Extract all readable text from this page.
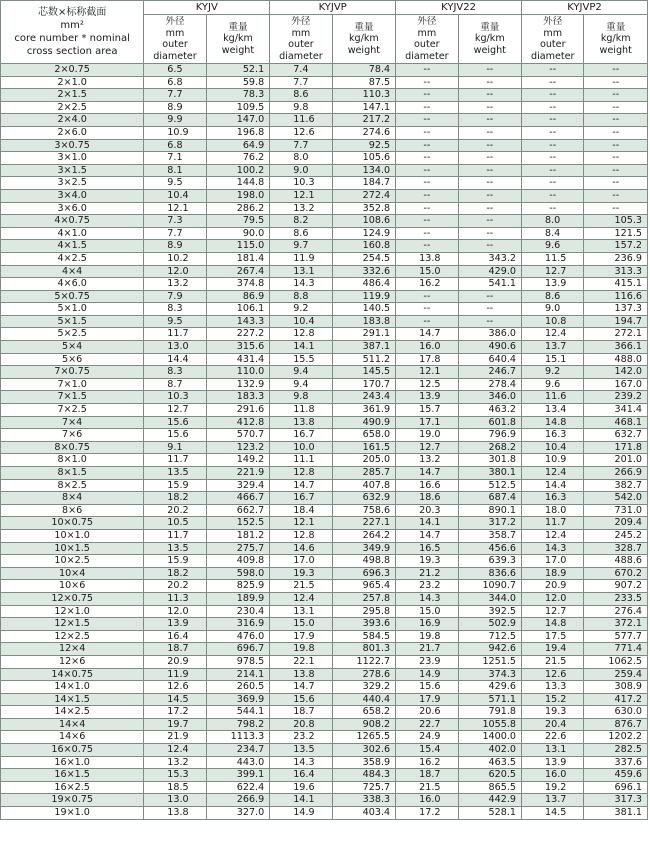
芯数×标称截面
mm²
core number * nominal
cross section area	KYJV		KYJVP		KYJV22		KYJVP2	
	外径
mm
outer
diameter	重量
kg/km
weight	外径
mm
outer
diameter	重量
kg/km
weight	外径
mm
outer
diameter	重量
kg/km
weight	外径
mm
outer
diameter	重量
kg/km
weight
2×0.75	6.5	52.1	7.4	78.4	--	--	--	--
2×1.0	6.8	59.8	7.7	87.5	--	--	--	--
2×1.5	7.7	78.3	8.6	110.3	--	--	--	--
2×2.5	8.9	109.5	9.8	147.1	--	--	--	--
2×4.0	9.9	147.0	11.6	217.2	--	--	--	--
2×6.0	10.9	196.8	12.6	274.6	--	--	--	--
3×0.75	6.8	64.9	7.7	92.5	--	--	--	--
3×1.0	7.1	76.2	8.0	105.6	--	--	--	--
3×1.5	8.1	100.2	9.0	134.0	--	--	--	--
3×2.5	9.5	144.8	10.3	184.7	--	--	--	--
3×4.0	10.4	198.0	12.1	272.4	--	--	--	--
3×6.0	12.1	286.2	13.2	352.8	--	--	--	--
4×0.75	7.3	79.5	8.2	108.6	--	--	8.0	105.3
4×1.0	7.7	90.0	8.6	124.9	--	--	8.4	121.5
4×1.5	8.9	115.0	9.7	160.8	--	--	9.6	157.2
4×2.5	10.2	181.4	11.9	254.5	13.8	343.2	11.5	236.9
4×4	12.0	267.4	13.1	332.6	15.0	429.0	12.7	313.3
4×6.0	13.2	374.8	14.3	486.4	16.2	541.1	13.9	415.1
5×0.75	7.9	86.9	8.8	119.9	--	--	8.6	116.6
5×1.0	8.3	106.1	9.2	140.5	--	--	9.0	137.3
5×1.5	9.5	143.3	10.4	183.8	--	--	10.8	194.7
5×2.5	11.7	227.2	12.8	291.1	14.7	386.0	12.4	272.1
5×4	13.0	315.6	14.1	387.1	16.0	490.6	13.7	366.1
5×6	14.4	431.4	15.5	511.2	17.8	640.4	15.1	488.0
7×0.75	8.3	110.0	9.4	145.5	12.1	246.7	9.2	142.0
7×1.0	8.7	132.9	9.4	170.7	12.5	278.4	9.6	167.0
7×1.5	10.3	183.3	9.8	243.4	13.9	346.0	11.6	239.2
7×2.5	12.7	291.6	11.8	361.9	15.7	463.2	13.4	341.4
7×4	15.6	412.8	13.8	490.9	17.1	601.8	14.8	468.1
7×6	15.6	570.7	16.7	658.0	19.0	796.9	16.3	632.7
8×0.75	9.1	123.2	10.0	161.5	12.7	268.2	10.4	171.8
8×1.0	11.7	149.2	11.1	205.0	13.2	301.8	10.9	201.0
8×1.5	13.5	221.9	12.8	285.7	14.7	380.1	12.4	266.9
8×2.5	15.9	329.4	14.7	407.8	16.6	512.5	14.4	382.7
8×4	18.2	466.7	16.7	632.9	18.6	687.4	16.3	542.0
8×6	20.2	662.7	18.4	758.6	20.3	890.1	18.0	731.0
10×0.75	10.5	152.5	12.1	227.1	14.1	317.2	11.7	209.4
10×1.0	11.7	181.2	12.8	264.2	14.7	358.7	12.4	245.2
10×1.5	13.5	275.7	14.6	349.9	16.5	456.6	14.3	328.7
10×2.5	15.9	409.8	17.0	498.8	19.3	639.3	17.0	488.6
10×4	18.2	598.0	19.3	696.3	21.2	836.6	18.9	670.2
10×6	20.2	825.9	21.5	965.4	23.2	1090.7	20.9	907.2
12×0.75	11.3	189.9	12.4	257.8	14.3	344.0	12.0	233.5
12×1.0	12.0	230.4	13.1	295.8	15.0	392.5	12.7	276.4
12×1.5	13.9	316.9	15.0	393.6	16.9	502.9	14.8	372.1
12×2.5	16.4	476.0	17.9	584.5	19.8	712.5	17.5	577.7
12×4	18.7	696.7	19.8	801.3	21.7	942.6	19.4	771.4
12×6	20.9	978.5	22.1	1122.7	23.9	1251.5	21.5	1062.5
14×0.75	11.9	214.1	13.8	278.6	14.9	374.3	12.6	259.4
14×1.0	12.6	260.5	14.7	329.2	15.6	429.6	13.3	308.9
14×1.5	14.5	369.9	15.6	440.4	17.9	571.1	15.2	417.2
14×2.5	17.2	544.1	18.7	658.2	20.6	791.8	19.3	630.0
14×4	19.7	798.2	20.8	908.2	22.7	1055.8	20.4	876.7
14×6	21.9	1113.3	23.2	1265.5	24.9	1400.0	22.6	1202.2
16×0.75	12.4	234.7	13.5	302.6	15.4	402.0	13.1	282.5
16×1.0	13.2	443.0	14.3	358.9	16.2	463.5	13.9	337.6
16×1.5	15.3	399.1	16.4	484.3	18.7	620.5	16.0	459.6
16×2.5	18.5	622.4	19.6	725.7	21.5	865.5	19.2	696.1
19×0.75	13.0	266.9	14.1	338.3	16.0	442.9	13.7	317.3
19×1.0	13.8	327.0	14.9	403.4	17.2	528.1	14.5	381.1
